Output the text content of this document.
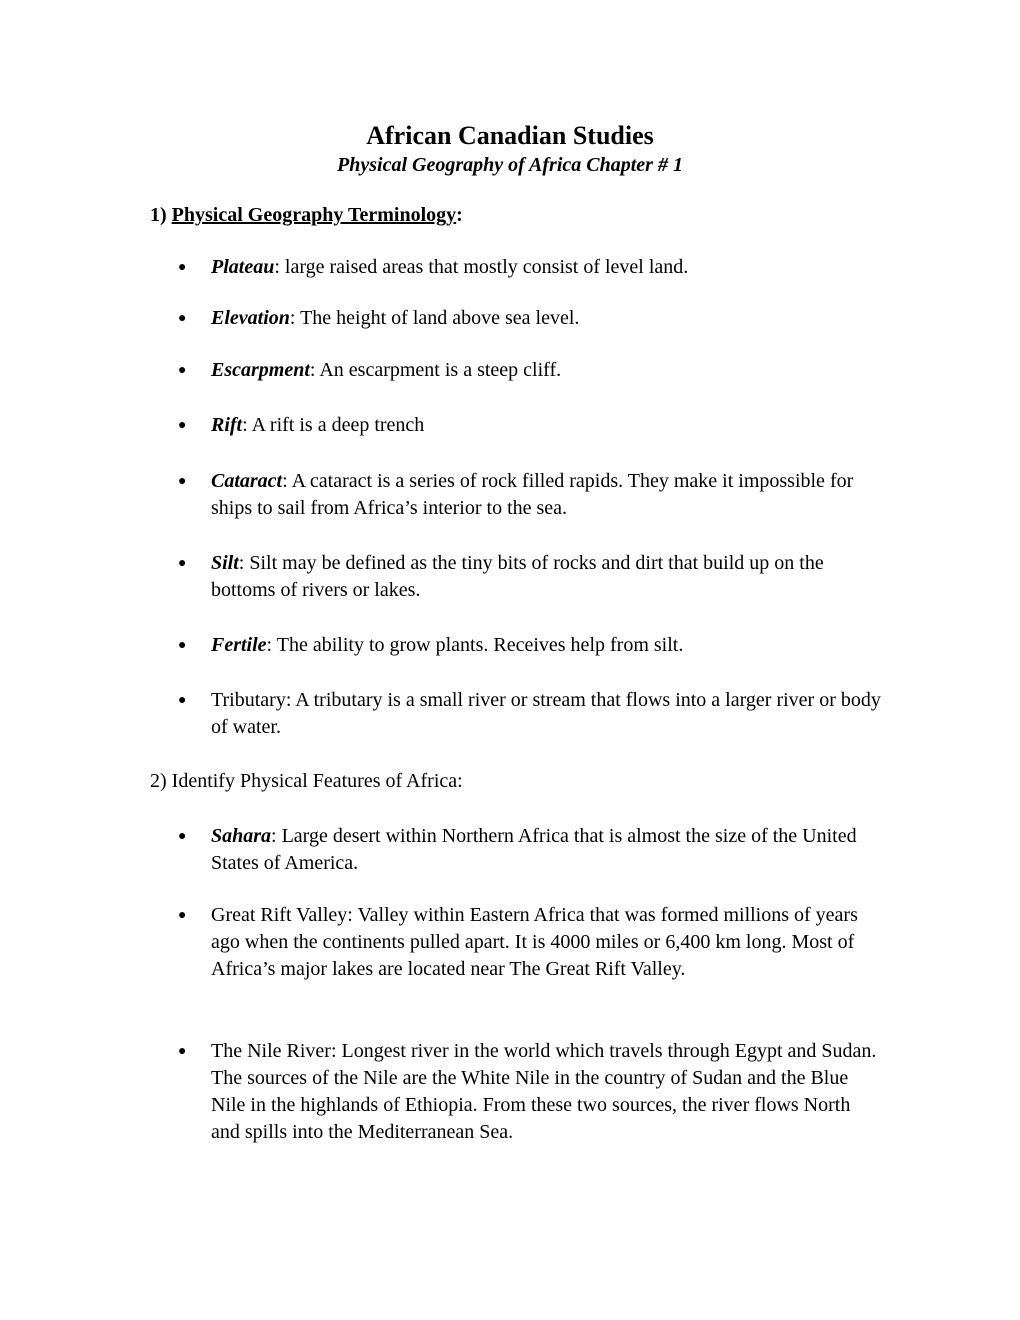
African Canadian Studies
Physical Geography of Africa Chapter # 1
1) Physical Geography Terminology:
● Plateau: large raised areas that mostly consist of level land.
● Elevation: The height of land above sea level.
● Escarpment: An escarpment is a steep cliff.
● Rift: A rift is a deep trench
● Cataract: A cataract is a series of rock filled rapids. They make it impossible for ships to sail from Africa’s interior to the sea.
● Silt: Silt may be defined as the tiny bits of rocks and dirt that build up on the bottoms of rivers or lakes.
● Fertile: The ability to grow plants. Receives help from silt.
● Tributary: A tributary is a small river or stream that flows into a larger river or body of water.
2) Identify Physical Features of Africa:
● Sahara: Large desert within Northern Africa that is almost the size of the United States of America.
● Great Rift Valley: Valley within Eastern Africa that was formed millions of years ago when the continents pulled apart. It is 4000 miles or 6,400 km long. Most of Africa’s major lakes are located near The Great Rift Valley.
● The Nile River: Longest river in the world which travels through Egypt and Sudan. The sources of the Nile are the White Nile in the country of Sudan and the Blue Nile in the highlands of Ethiopia. From these two sources, the river flows North and spills into the Mediterranean Sea.
